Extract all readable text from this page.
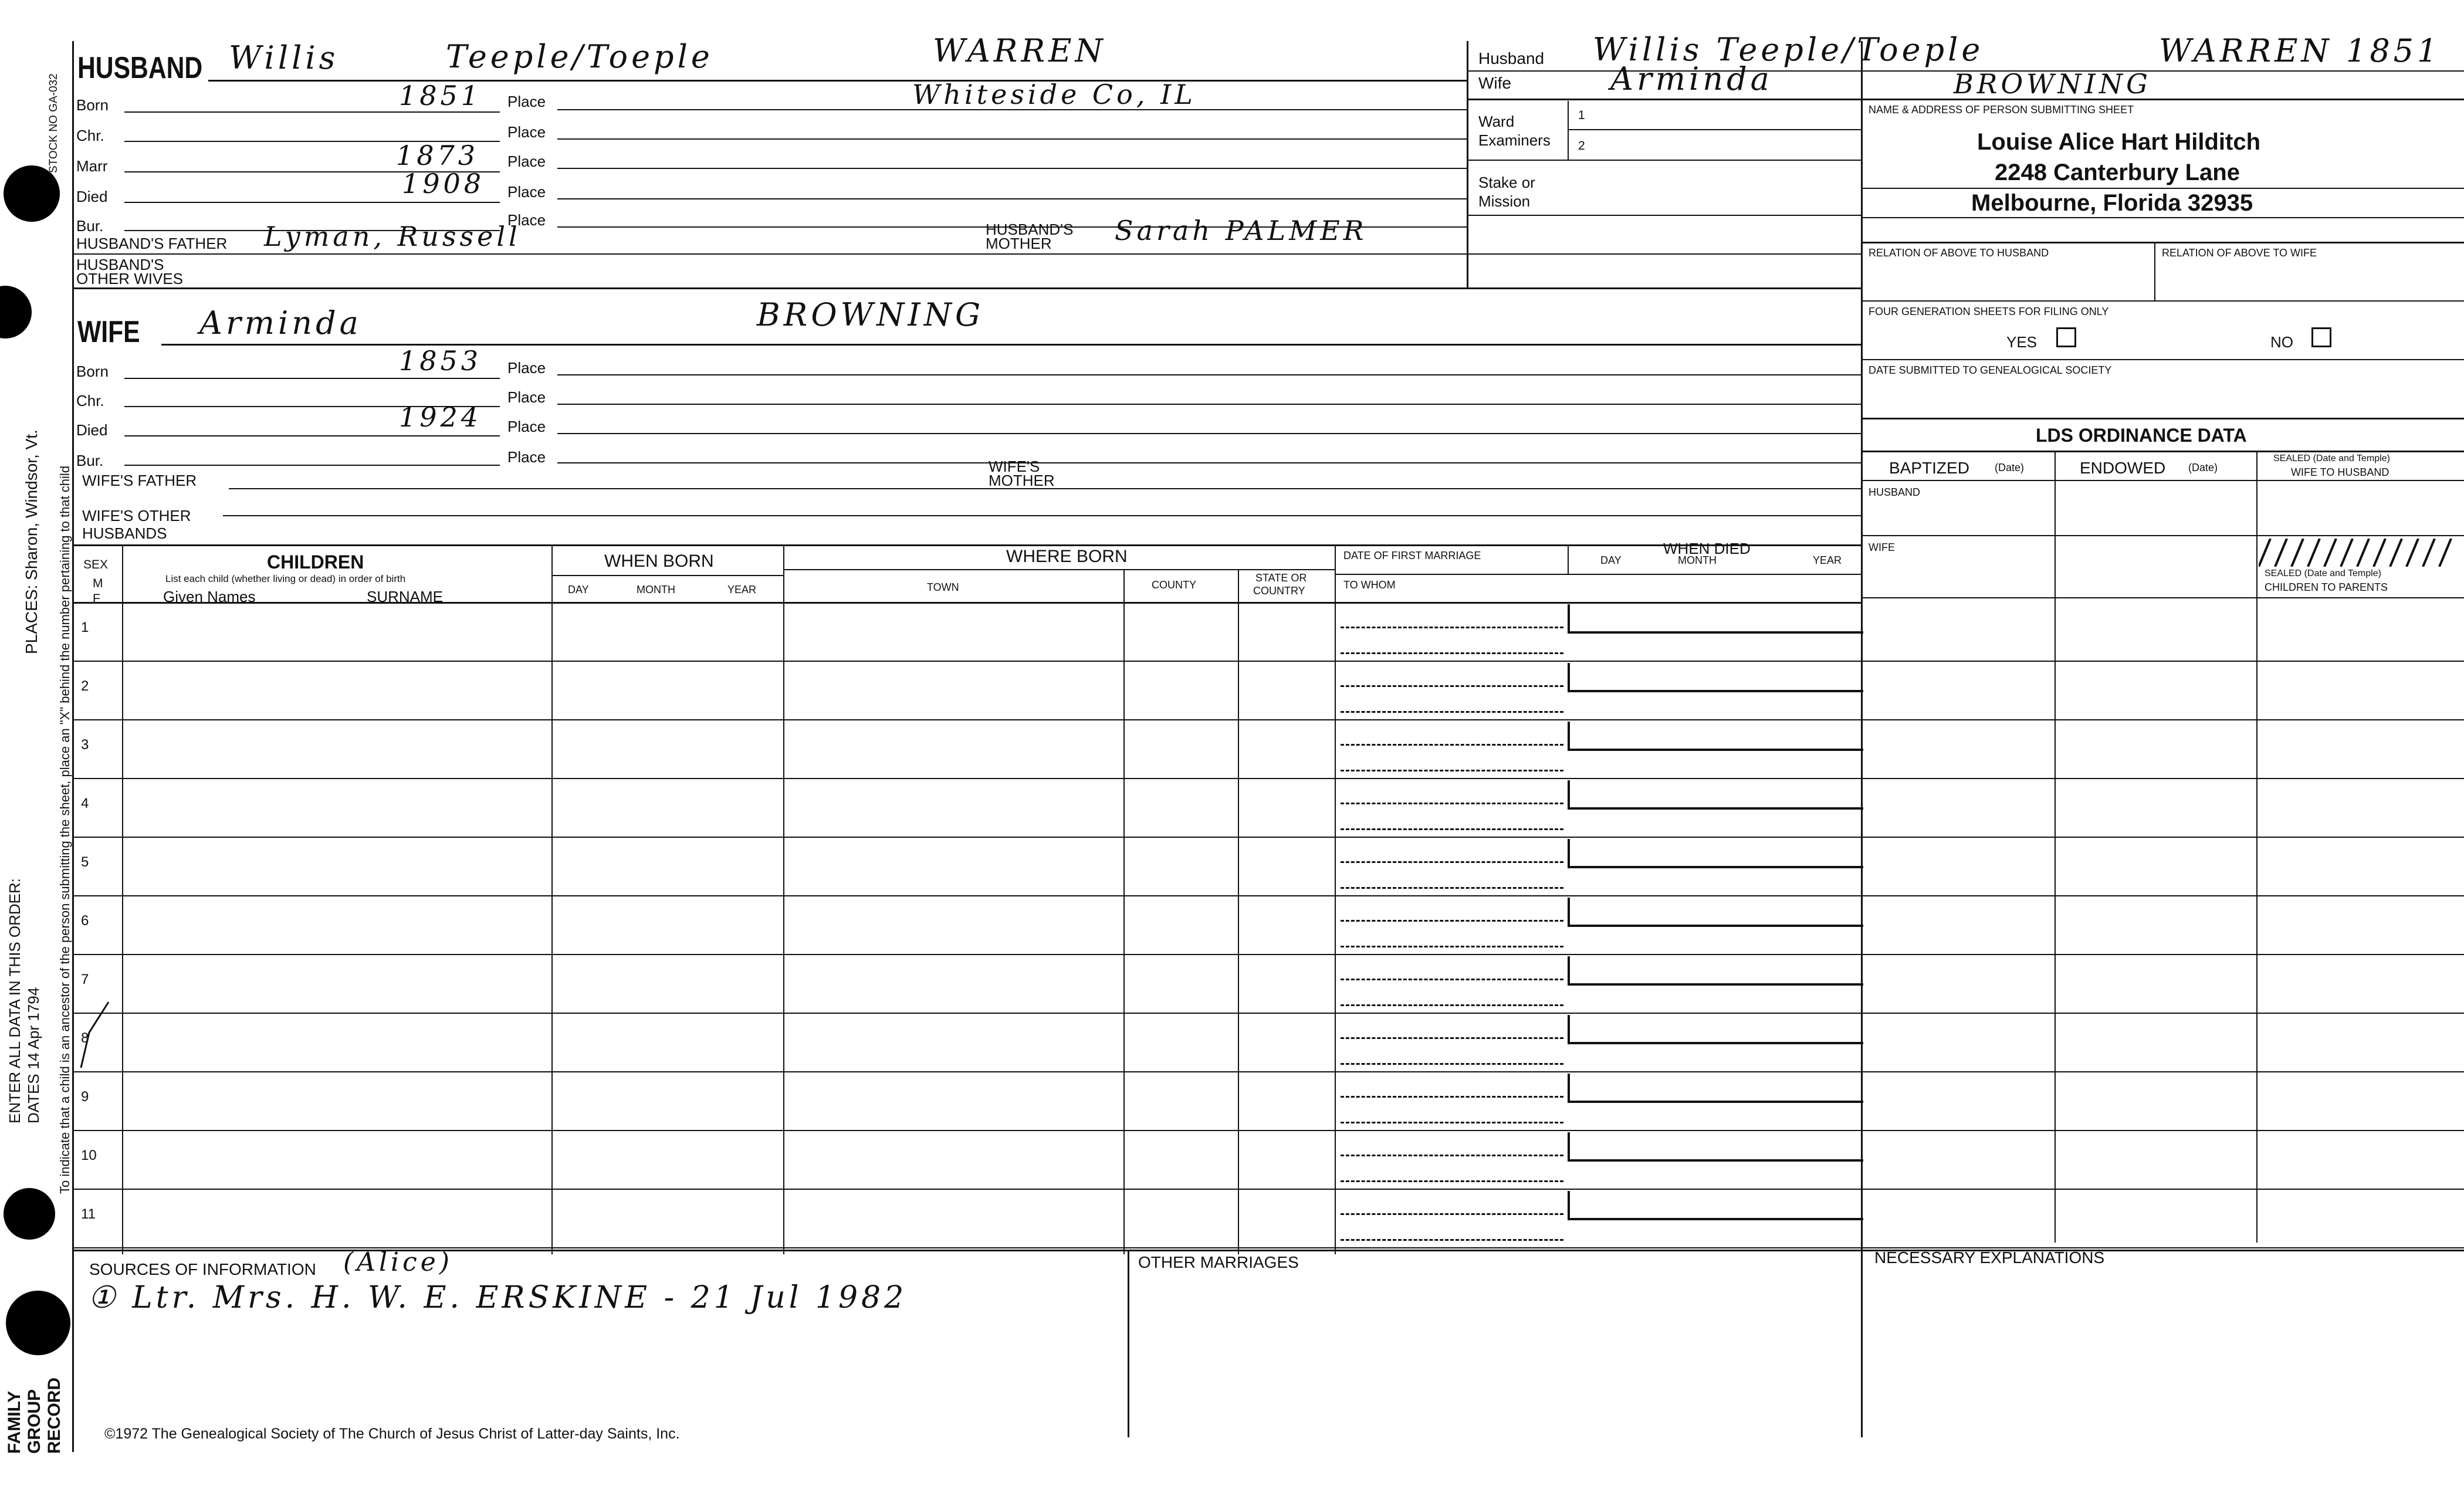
STOCK NO GA-032
PLACES: Sharon, Windsor, Vt. To indicate that a child is an ancestor of the person submitting the sheet, place an "X" behind the number pertaining to that child
ENTER ALL DATA IN THIS ORDER: DATES 14 Apr 1794
FAMILY GROUP RECORD
HUSBAND Willis	Teeple/Toeple	WARREN
Born	1851 Place	Whiteside Co, IL
Chr.	Place
Marr	1873 Place
Died	1908 Place
Bur.	Place
HUSBAND'S FATHER Lyman, Russell	HUSBAND'S
MOTHER Sarah PALMER
HUSBAND'S
OTHER WIVES
Husband Willis Teeple/Toeple	WARREN 1851
Wife	Arminda	BROWNING
Ward
Examiners
1
2
Stake or
Mission
NAME & ADDRESS OF PERSON SUBMITTING SHEET
Louise Alice Hart Hilditch
2248 Canterbury Lane
Melbourne, Florida 32935
RELATION OF ABOVE TO HUSBAND	RELATION OF ABOVE TO WIFE
FOUR GENERATION SHEETS FOR FILING ONLY
YES	NO
DATE SUBMITTED TO GENEALOGICAL SOCIETY
LDS ORDINANCE DATA
BAPTIZED (Date)	ENDOWED (Date)
SEALED (Date and Temple)
WIFE TO HUSBAND
HUSBAND
WIFE
SEALED (Date and Temple)
CHILDREN TO PARENTS
WIFE Arminda	BROWNING
Born	1853 Place
Chr.	Place
Died	1924 Place
Bur.	Place
WIFE'S FATHER
WIFE'S
MOTHER
WIFE'S OTHER
HUSBANDS
SEX
M
F
CHILDREN
List each child (whether living or dead) in order of birth
Given Names	SURNAME
WHEN BORN
DAY	MONTH	YEAR
WHERE BORN
TOWN	COUNTY
STATE OR
COUNTRY
DATE OF FIRST MARRIAGE
TO WHOM
WHEN DIED
DAY	MONTH	YEAR
1
2
3
4
5
6
7
8
9
10
11
SOURCES OF INFORMATION (Alice)
① Ltr. Mrs. H. W. E. ERSKINE - 21 Jul 1982
OTHER MARRIAGES	NECESSARY EXPLANATIONS
©1972 The Genealogical Society of The Church of Jesus Christ of Latter-day Saints, Inc.
